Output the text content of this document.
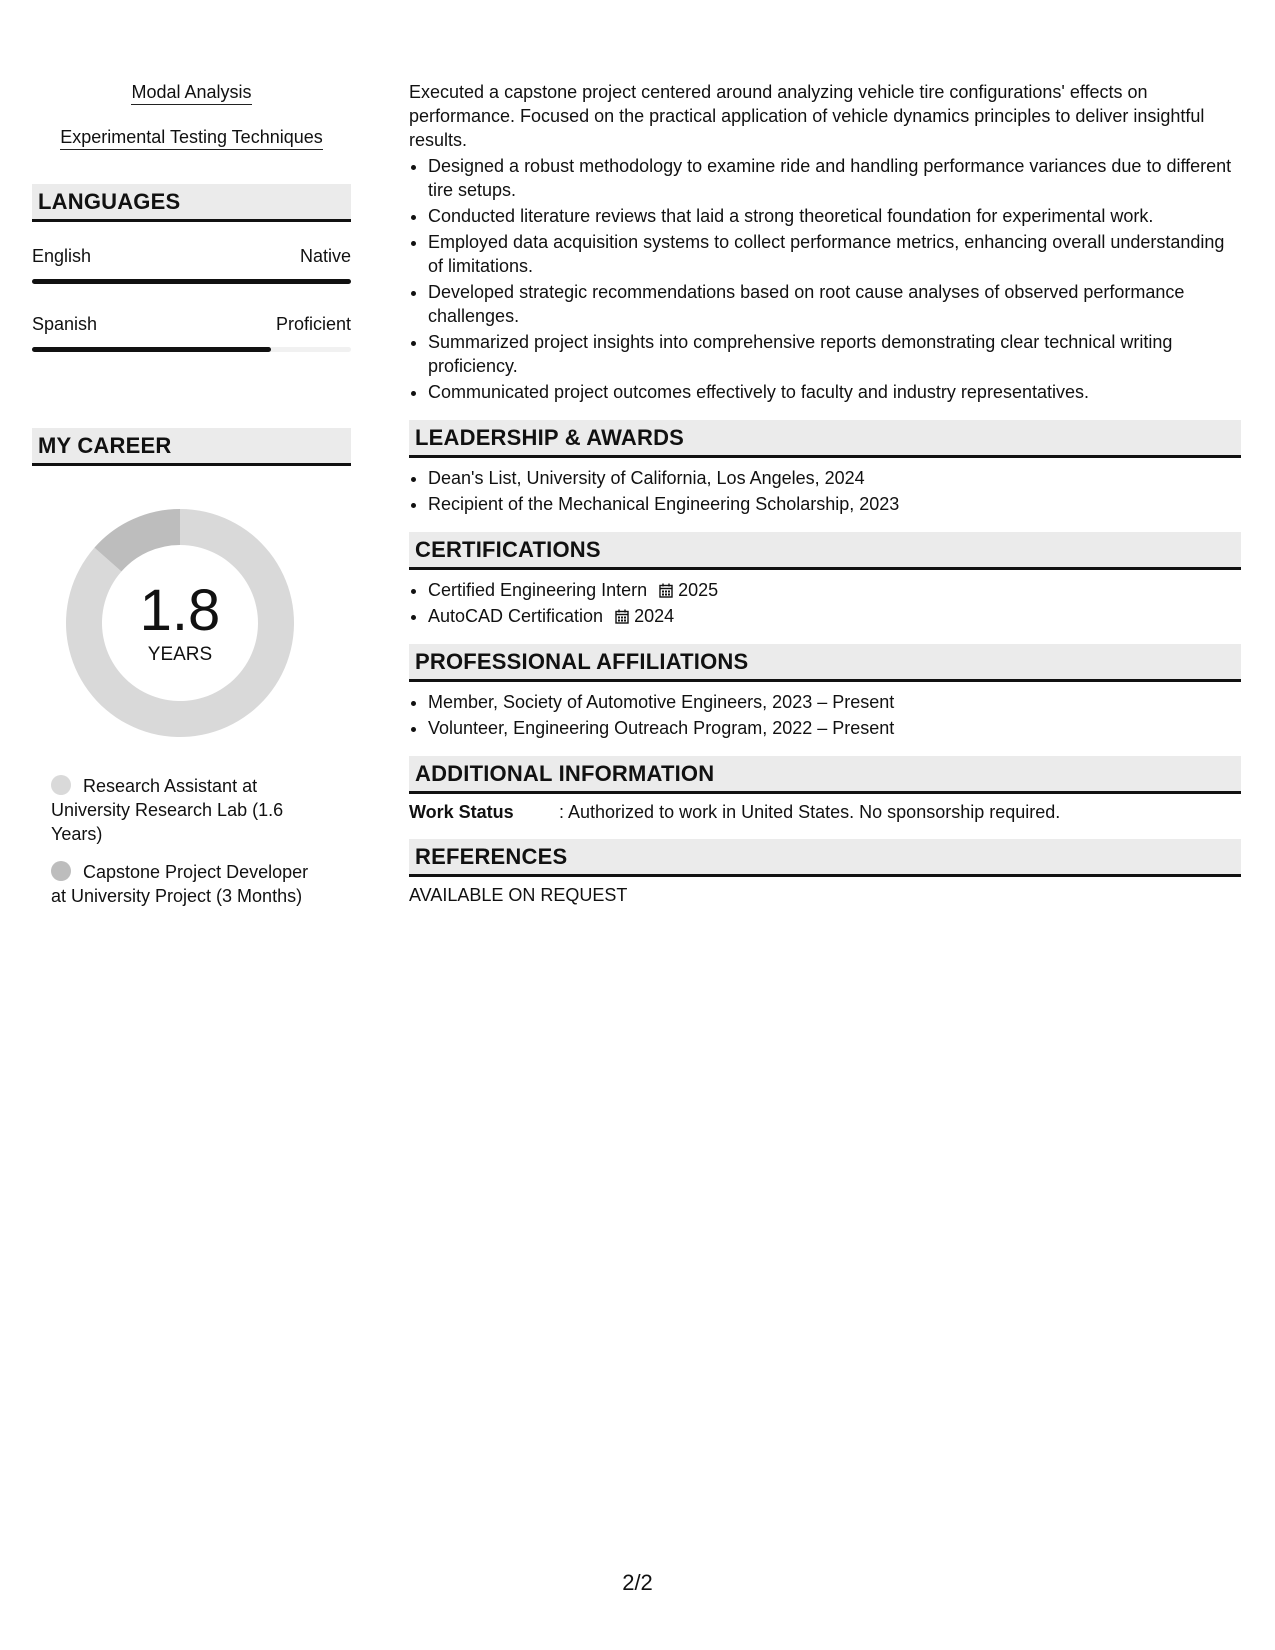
Modal Analysis
Experimental Testing Techniques
LANGUAGES
English	Native
Spanish	Proficient
MY CAREER
1.8
YEARS
Research Assistant at University Research Lab (1.6 Years)
Capstone Project Developer at University Project (3 Months)
Executed a capstone project centered around analyzing vehicle tire configurations' effects on performance. Focused on the practical application of vehicle dynamics principles to deliver insightful results.
• Designed a robust methodology to examine ride and handling performance variances due to different tire setups.
• Conducted literature reviews that laid a strong theoretical foundation for experimental work.
• Employed data acquisition systems to collect performance metrics, enhancing overall understanding of limitations.
• Developed strategic recommendations based on root cause analyses of observed performance challenges.
• Summarized project insights into comprehensive reports demonstrating clear technical writing proficiency.
• Communicated project outcomes effectively to faculty and industry representatives.
LEADERSHIP & AWARDS
• Dean's List, University of California, Los Angeles, 2024
• Recipient of the Mechanical Engineering Scholarship, 2023
CERTIFICATIONS
• Certified Engineering Intern 2025
• AutoCAD Certification 2024
PROFESSIONAL AFFILIATIONS
• Member, Society of Automotive Engineers, 2023 – Present
• Volunteer, Engineering Outreach Program, 2022 – Present
ADDITIONAL INFORMATION
Work Status	: Authorized to work in United States. No sponsorship required.
REFERENCES
AVAILABLE ON REQUEST
2/2
